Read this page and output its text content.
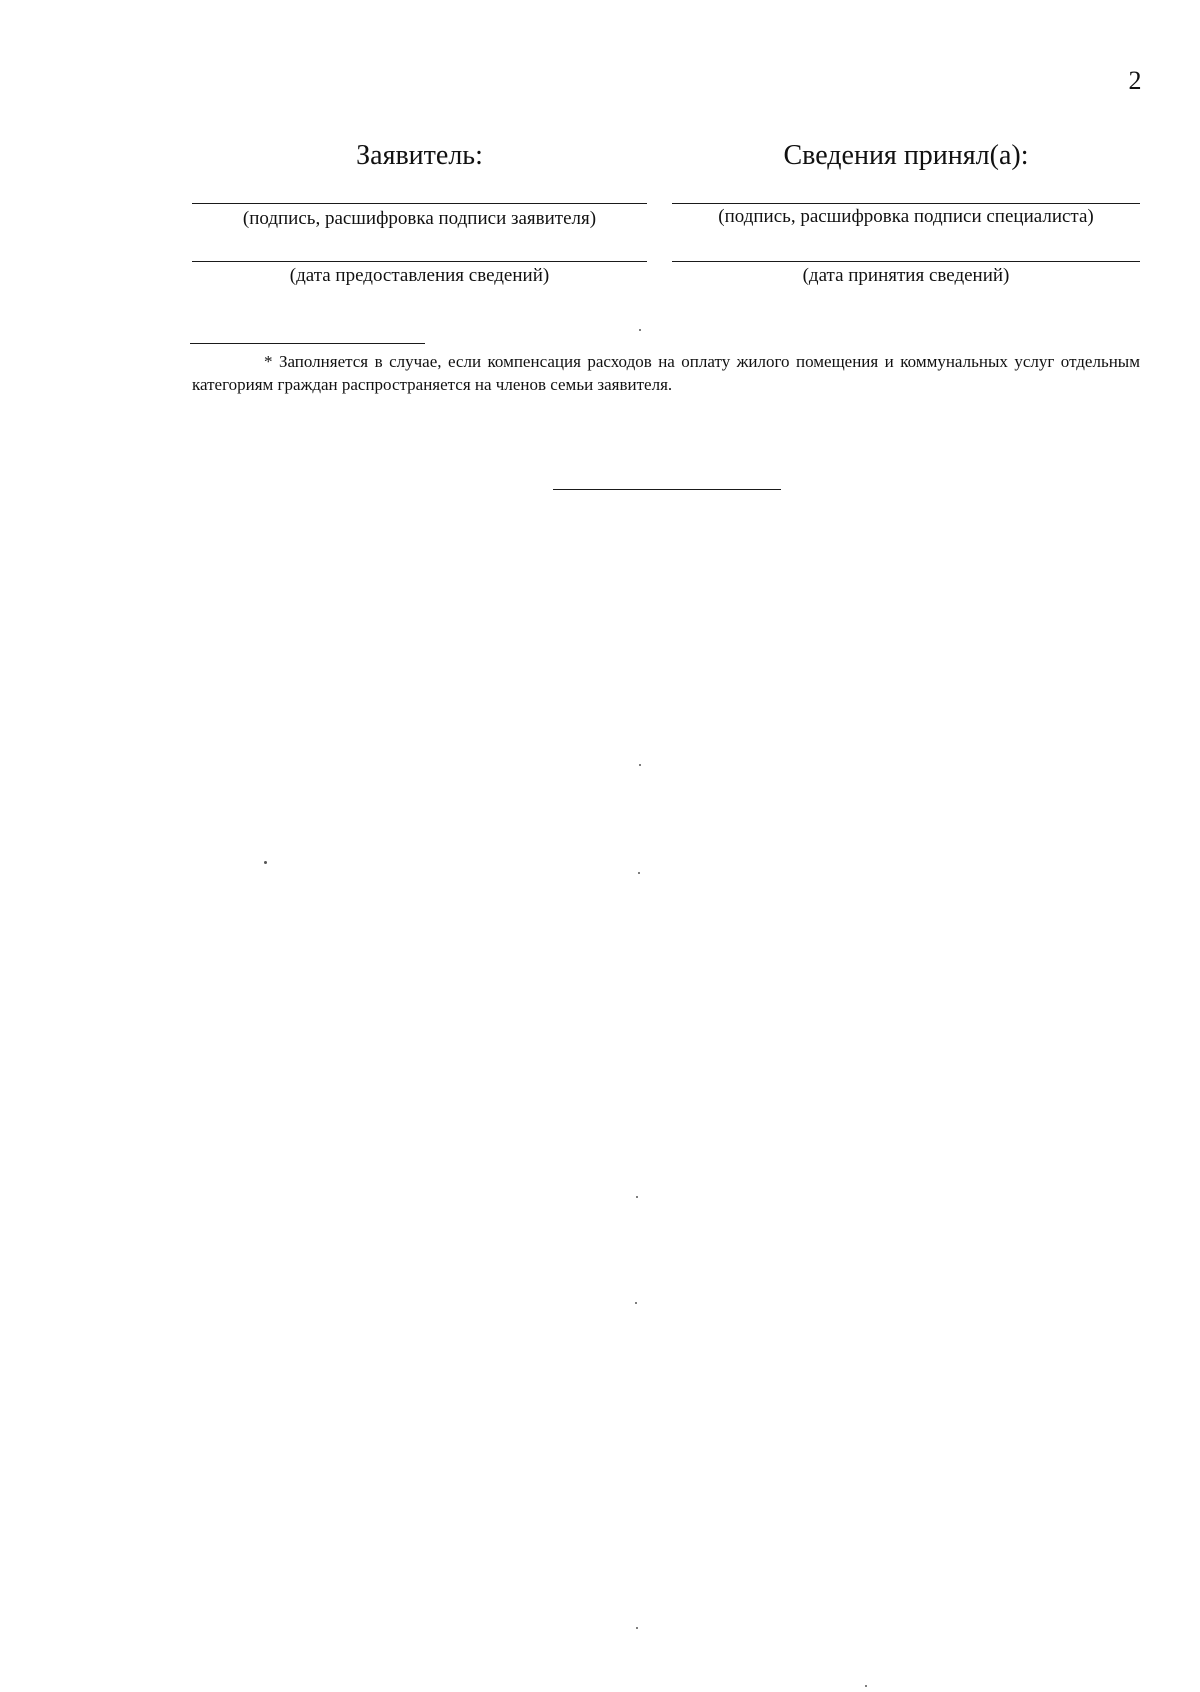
2
Заявитель:
(подпись, расшифровка подписи заявителя)
(дата предоставления сведений)
Сведения принял(а):
(подпись, расшифровка подписи специалиста)
(дата принятия сведений)
* Заполняется в случае, если компенсация расходов на оплату жилого помещения и коммунальных услуг отдельным категориям граждан распространяется на членов семьи заявителя.
